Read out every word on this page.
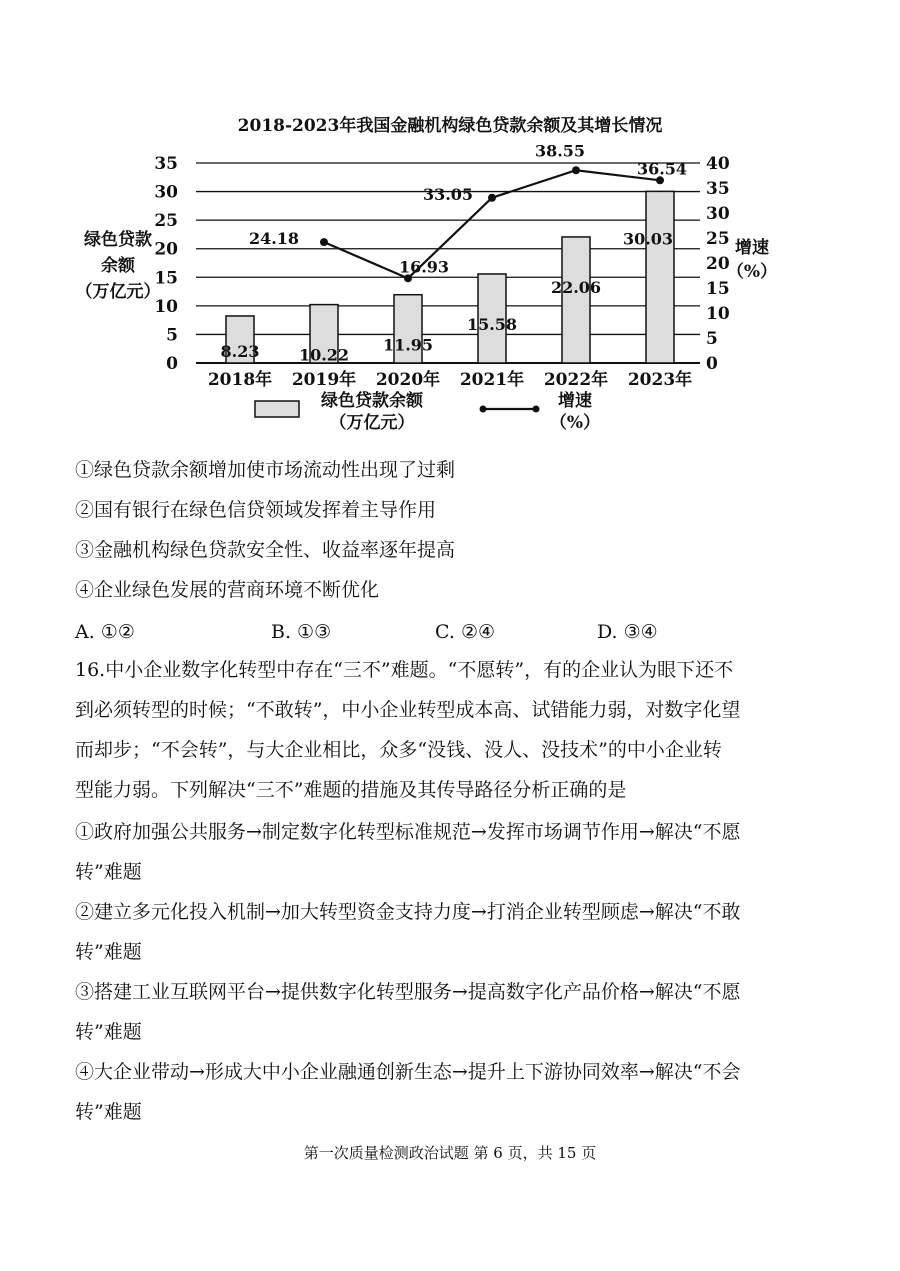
2018-2023年我国金融机构绿色贷款余额及其增长情况
8.23 10.22
11.95
15.58
22.06
30.03
24.18
16.93
33.05
38.55
36.54
0
5
10
15
20
25
30
35
0
5
10
15
20
25
30
35
40
绿色贷款
余额
（万亿元）
增速
（%）
2018年 2019年 2020年 2021年 2022年 2023年
绿色贷款余额
（万亿元）
增速
（%）

①绿色贷款余额增加使市场流动性出现了过剩

②国有银行在绿色信贷领域发挥着主导作用

③金融机构绿色贷款安全性、收益率逐年提高

④企业绿色发展的营商环境不断优化

A. ①②	B. ①③	C. ②④	D. ③④

16.中小企业数字化转型中存在“三不”难题。“不愿转”，有的企业认为眼下还不

到必须转型的时候；“不敢转”，中小企业转型成本高、试错能力弱，对数字化望

而却步；“不会转”，与大企业相比，众多“没钱、没人、没技术”的中小企业转

型能力弱。下列解决“三不”难题的措施及其传导路径分析正确的是

①政府加强公共服务→制定数字化转型标准规范→发挥市场调节作用→解决“不愿

转”难题

②建立多元化投入机制→加大转型资金支持力度→打消企业转型顾虑→解决“不敢

转”难题

③搭建工业互联网平台→提供数字化转型服务→提高数字化产品价格→解决“不愿

转”难题

④大企业带动→形成大中小企业融通创新生态→提升上下游协同效率→解决“不会

转”难题

第一次质量检测政治试题 第 6 页，共 15 页
